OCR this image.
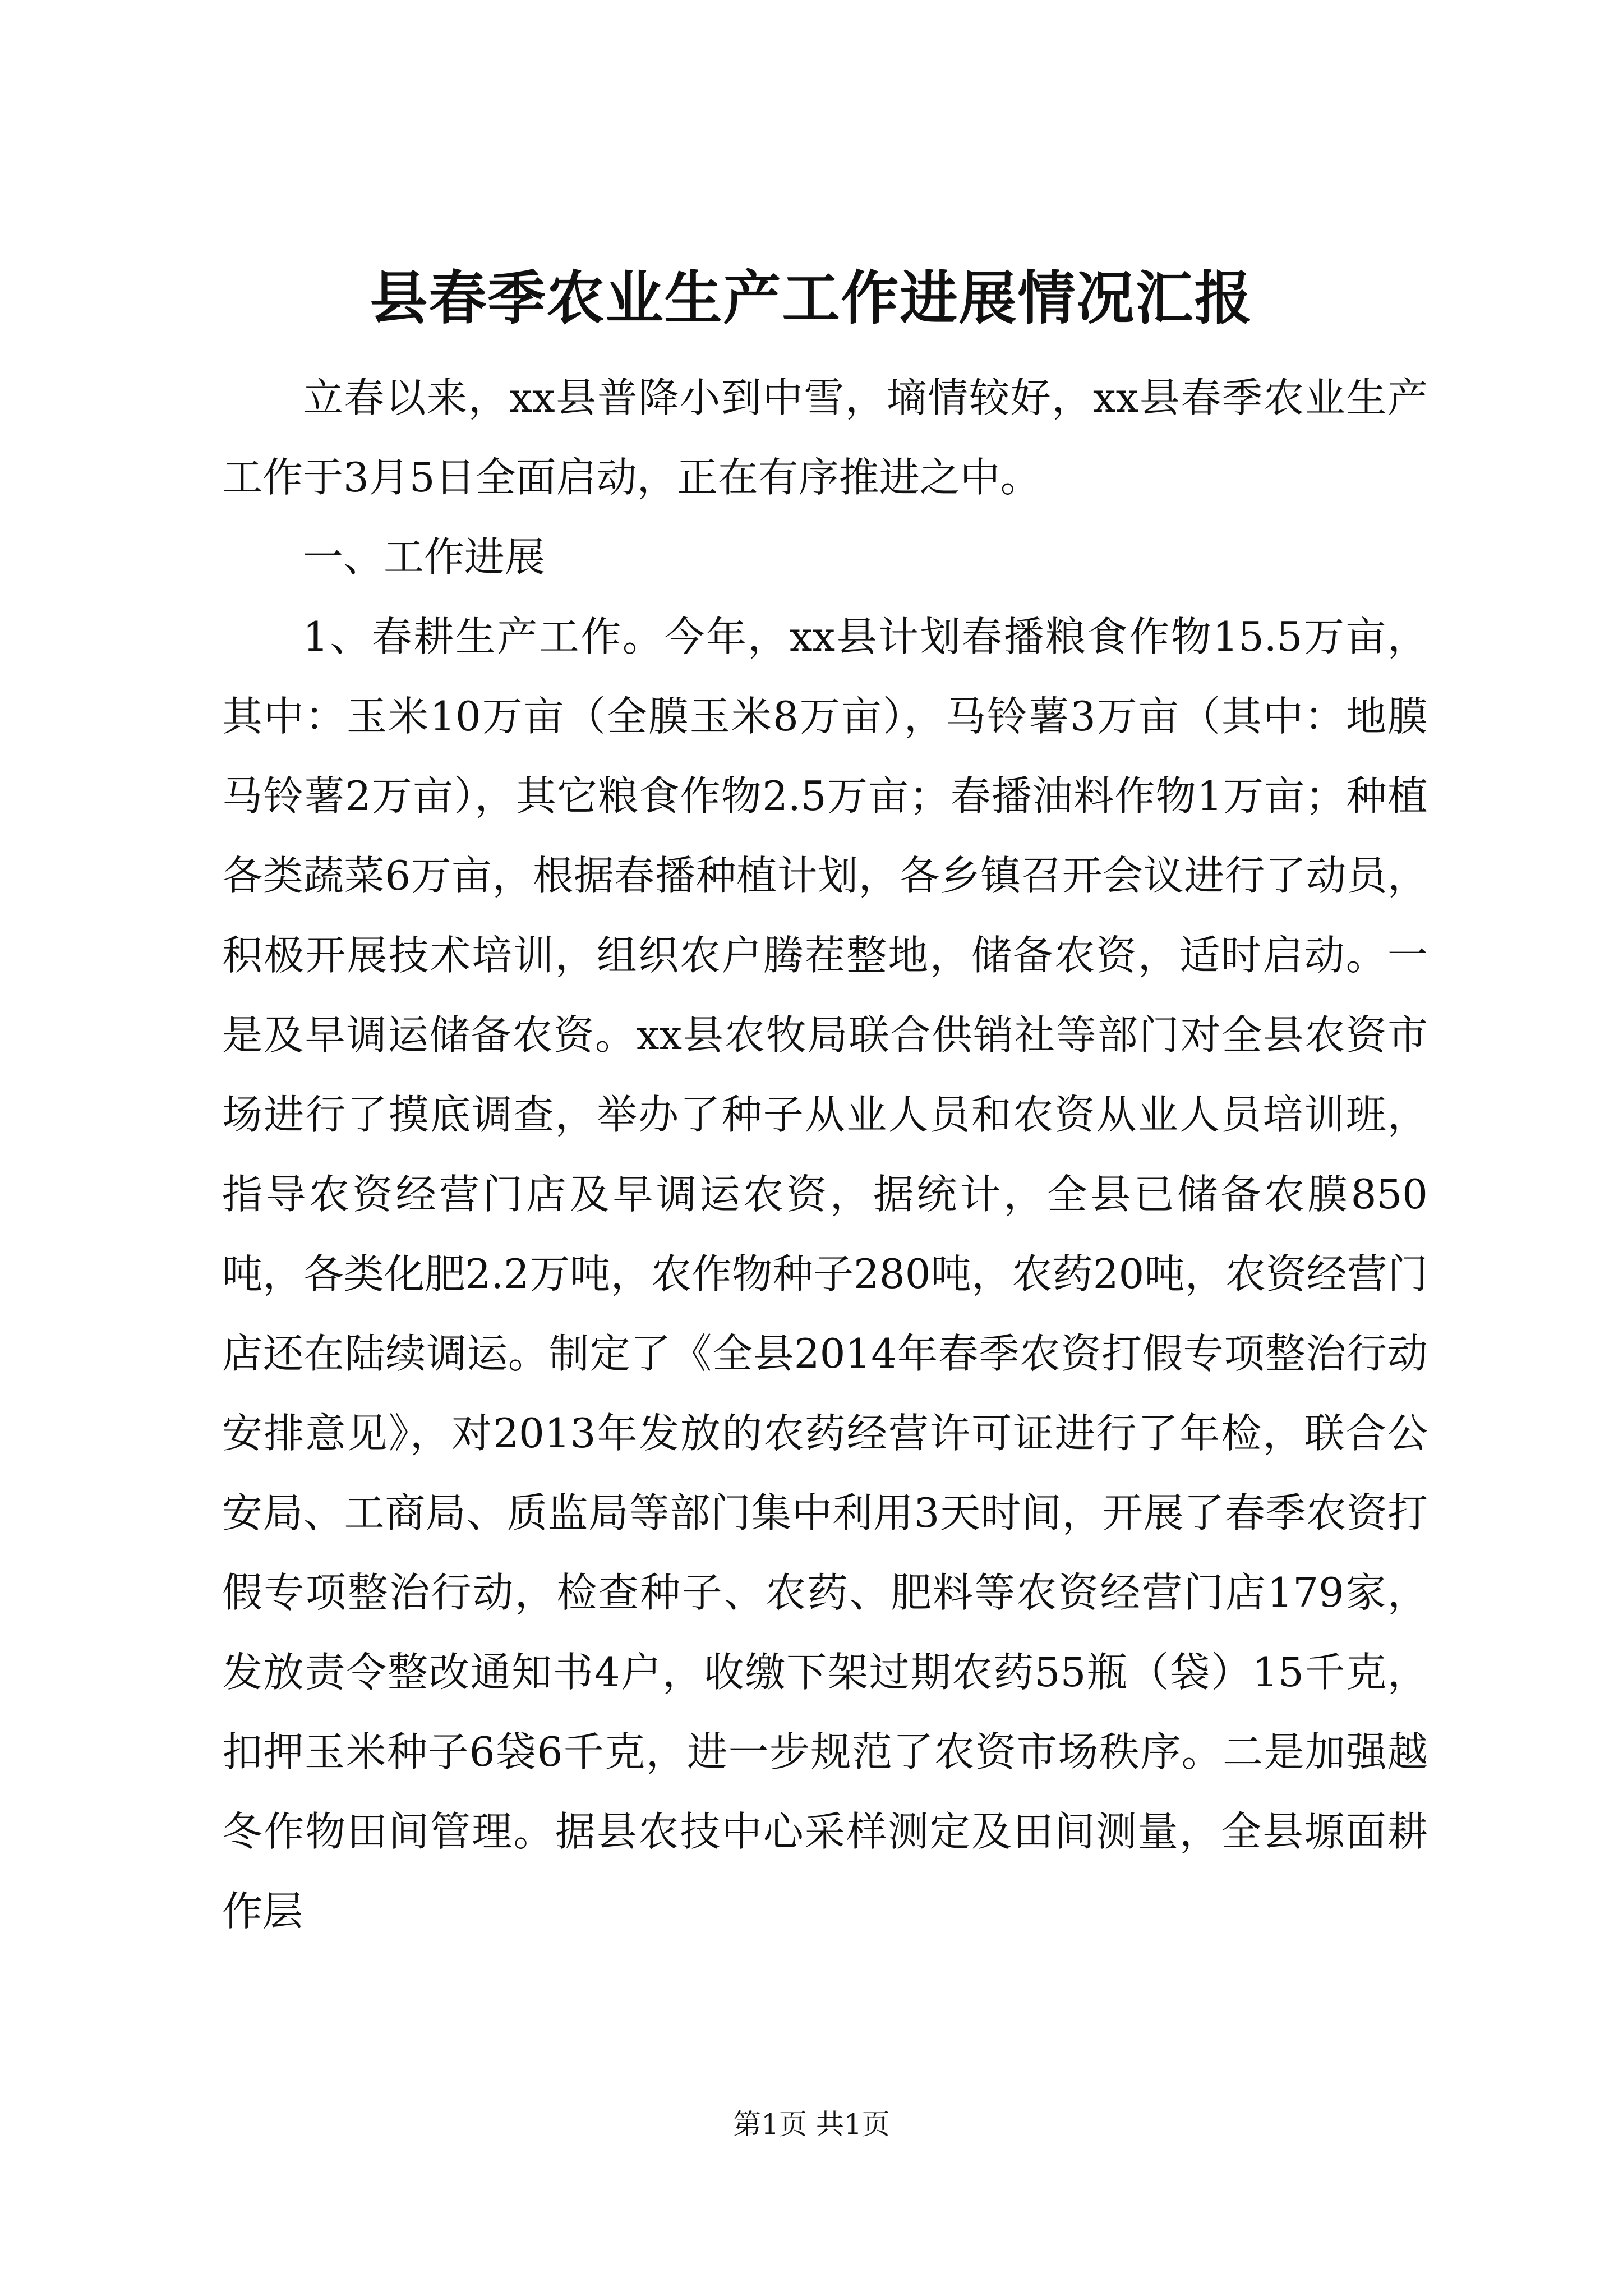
县春季农业生产工作进展情况汇报

立春以来，xx县普降小到中雪，墒情较好，xx县春季农业生产工作于3月5日全面启动，正在有序推进之中。

一、工作进展

1、春耕生产工作。今年，xx县计划春播粮食作物15.5万亩，其中：玉米10万亩（全膜玉米8万亩），马铃薯3万亩（其中：地膜马铃薯2万亩），其它粮食作物2.5万亩；春播油料作物1万亩；种植各类蔬菜6万亩，根据春播种植计划，各乡镇召开会议进行了动员，积极开展技术培训，组织农户腾茬整地，储备农资，适时启动。一是及早调运储备农资。xx县农牧局联合供销社等部门对全县农资市场进行了摸底调查，举办了种子从业人员和农资从业人员培训班，指导农资经营门店及早调运农资，据统计，全县已储备农膜850吨，各类化肥2.2万吨，农作物种子280吨，农药20吨，农资经营门店还在陆续调运。制定了《全县2014年春季农资打假专项整治行动安排意见》，对2013年发放的农药经营许可证进行了年检，联合公安局、工商局、质监局等部门集中利用3天时间，开展了春季农资打假专项整治行动，检查种子、农药、肥料等农资经营门店179家，发放责令整改通知书4户，收缴下架过期农药55瓶（袋）15千克，扣押玉米种子6袋6千克，进一步规范了农资市场秩序。二是加强越冬作物田间管理。据县农技中心采样测定及田间测量，全县塬面耕作层

第1页 共1页
